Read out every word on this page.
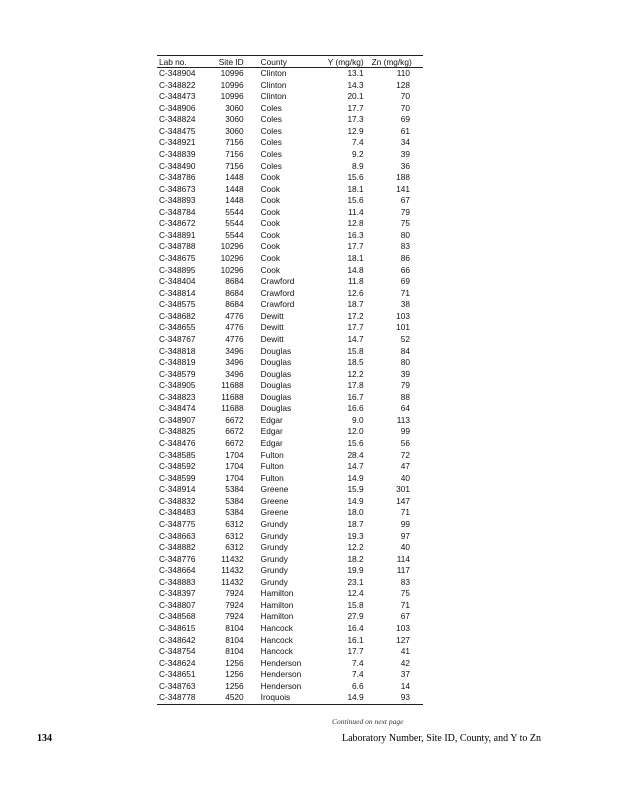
Lab no.	Site ID	County	Y (mg/kg)	Zn (mg/kg)
C-348904	10996	Clinton	13.1	110
C-348822	10996	Clinton	14.3	128
C-348473	10996	Clinton	20.1	70
C-348906	3060	Coles	17.7	70
C-348824	3060	Coles	17.3	69
C-348475	3060	Coles	12.9	61
C-348921	7156	Coles	7.4	34
C-348839	7156	Coles	9.2	39
C-348490	7156	Coles	8.9	36
C-348786	1448	Cook	15.6	188
C-348673	1448	Cook	18.1	141
C-348893	1448	Cook	15.6	67
C-348784	5544	Cook	11.4	79
C-348672	5544	Cook	12.8	75
C-348891	5544	Cook	16.3	80
C-348788	10296	Cook	17.7	83
C-348675	10296	Cook	18.1	86
C-348895	10296	Cook	14.8	66
C-348404	8684	Crawford	11.8	69
C-348814	8684	Crawford	12.6	71
C-348575	8684	Crawford	18.7	38
C-348682	4776	Dewitt	17.2	103
C-348655	4776	Dewitt	17.7	101
C-348767	4776	Dewitt	14.7	52
C-348818	3496	Douglas	15.8	84
C-348819	3496	Douglas	18.5	80
C-348579	3496	Douglas	12.2	39
C-348905	11688	Douglas	17.8	79
C-348823	11688	Douglas	16.7	88
C-348474	11688	Douglas	16.6	64
C-348907	6672	Edgar	9.0	113
C-348825	6672	Edgar	12.0	99
C-348476	6672	Edgar	15.6	56
C-348585	1704	Fulton	28.4	72
C-348592	1704	Fulton	14.7	47
C-348599	1704	Fulton	14.9	40
C-348914	5384	Greene	15.9	301
C-348832	5384	Greene	14.9	147
C-348483	5384	Greene	18.0	71
C-348775	6312	Grundy	18.7	99
C-348663	6312	Grundy	19.3	97
C-348882	6312	Grundy	12.2	40
C-348776	11432	Grundy	18.2	114
C-348664	11432	Grundy	19.9	117
C-348883	11432	Grundy	23.1	83
C-348397	7924	Hamilton	12.4	75
C-348807	7924	Hamilton	15.8	71
C-348568	7924	Hamilton	27.9	67
C-348615	8104	Hancock	16.4	103
C-348642	8104	Hancock	16.1	127
C-348754	8104	Hancock	17.7	41
C-348624	1256	Henderson	7.4	42
C-348651	1256	Henderson	7.4	37
C-348763	1256	Henderson	6.6	14
C-348778	4520	Iroquois	14.9	93
Continued on next page
134	Laboratory Number, Site ID, County, and Y to Zn
